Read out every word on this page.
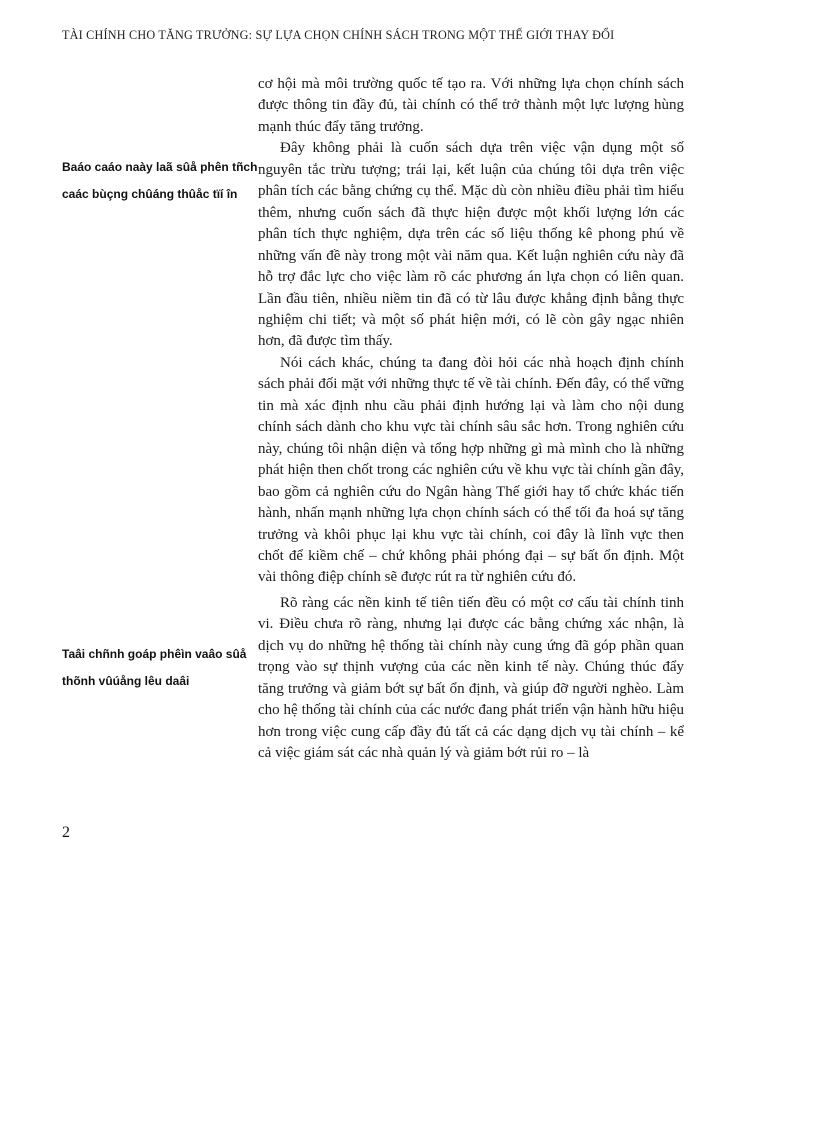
TÀI CHÍNH CHO TĂNG TRƯỞNG: SỰ LỰA CHỌN CHÍNH SÁCH TRONG MỘT THẾ GIỚI THAY ĐỔI
Baáo caáo naày laã sûå phên tñch caác bùçng chûáng thûåc tïí în
Taâi chñnh goáp phêìn vaâo sûå thõnh vûúång lêu daâi

cơ hội mà môi trường quốc tế tạo ra. Với những lựa chọn chính sách được thông tin đầy đủ, tài chính có thể trở thành một lực lượng hùng mạnh thúc đẩy tăng trưởng.

Đây không phải là cuốn sách dựa trên việc vận dụng một số nguyên tắc trừu tượng; trái lại, kết luận của chúng tôi dựa trên việc phân tích các bằng chứng cụ thể. Mặc dù còn nhiều điều phải tìm hiểu thêm, nhưng cuốn sách đã thực hiện được một khối lượng lớn các phân tích thực nghiệm, dựa trên các số liệu thống kê phong phú về những vấn đề này trong một vài năm qua. Kết luận nghiên cứu này đã hỗ trợ đắc lực cho việc làm rõ các phương án lựa chọn có liên quan. Lần đầu tiên, nhiều niềm tin đã có từ lâu được khẳng định bằng thực nghiệm chi tiết; và một số phát hiện mới, có lẽ còn gây ngạc nhiên hơn, đã được tìm thấy.

Nói cách khác, chúng ta đang đòi hỏi các nhà hoạch định chính sách phải đối mặt với những thực tế về tài chính. Đến đây, có thể vững tin mà xác định nhu cầu phải định hướng lại và làm cho nội dung chính sách dành cho khu vực tài chính sâu sắc hơn. Trong nghiên cứu này, chúng tôi nhận diện và tổng hợp những gì mà mình cho là những phát hiện then chốt trong các nghiên cứu về khu vực tài chính gần đây, bao gồm cả nghiên cứu do Ngân hàng Thế giới hay tổ chức khác tiến hành, nhấn mạnh những lựa chọn chính sách có thể tối đa hoá sự tăng trưởng và khôi phục lại khu vực tài chính, coi đây là lĩnh vực then chốt để kiềm chế – chứ không phải phóng đại – sự bất ổn định. Một vài thông điệp chính sẽ được rút ra từ nghiên cứu đó.

Rõ ràng các nền kinh tế tiên tiến đều có một cơ cấu tài chính tinh vi. Điều chưa rõ ràng, nhưng lại được các bằng chứng xác nhận, là dịch vụ do những hệ thống tài chính này cung ứng đã góp phần quan trọng vào sự thịnh vượng của các nền kinh tế này. Chúng thúc đẩy tăng trưởng và giảm bớt sự bất ổn định, và giúp đỡ người nghèo. Làm cho hệ thống tài chính của các nước đang phát triển vận hành hữu hiệu hơn trong việc cung cấp đầy đủ tất cả các dạng dịch vụ tài chính – kể cả việc giám sát các nhà quản lý và giảm bớt rủi ro – là

2
